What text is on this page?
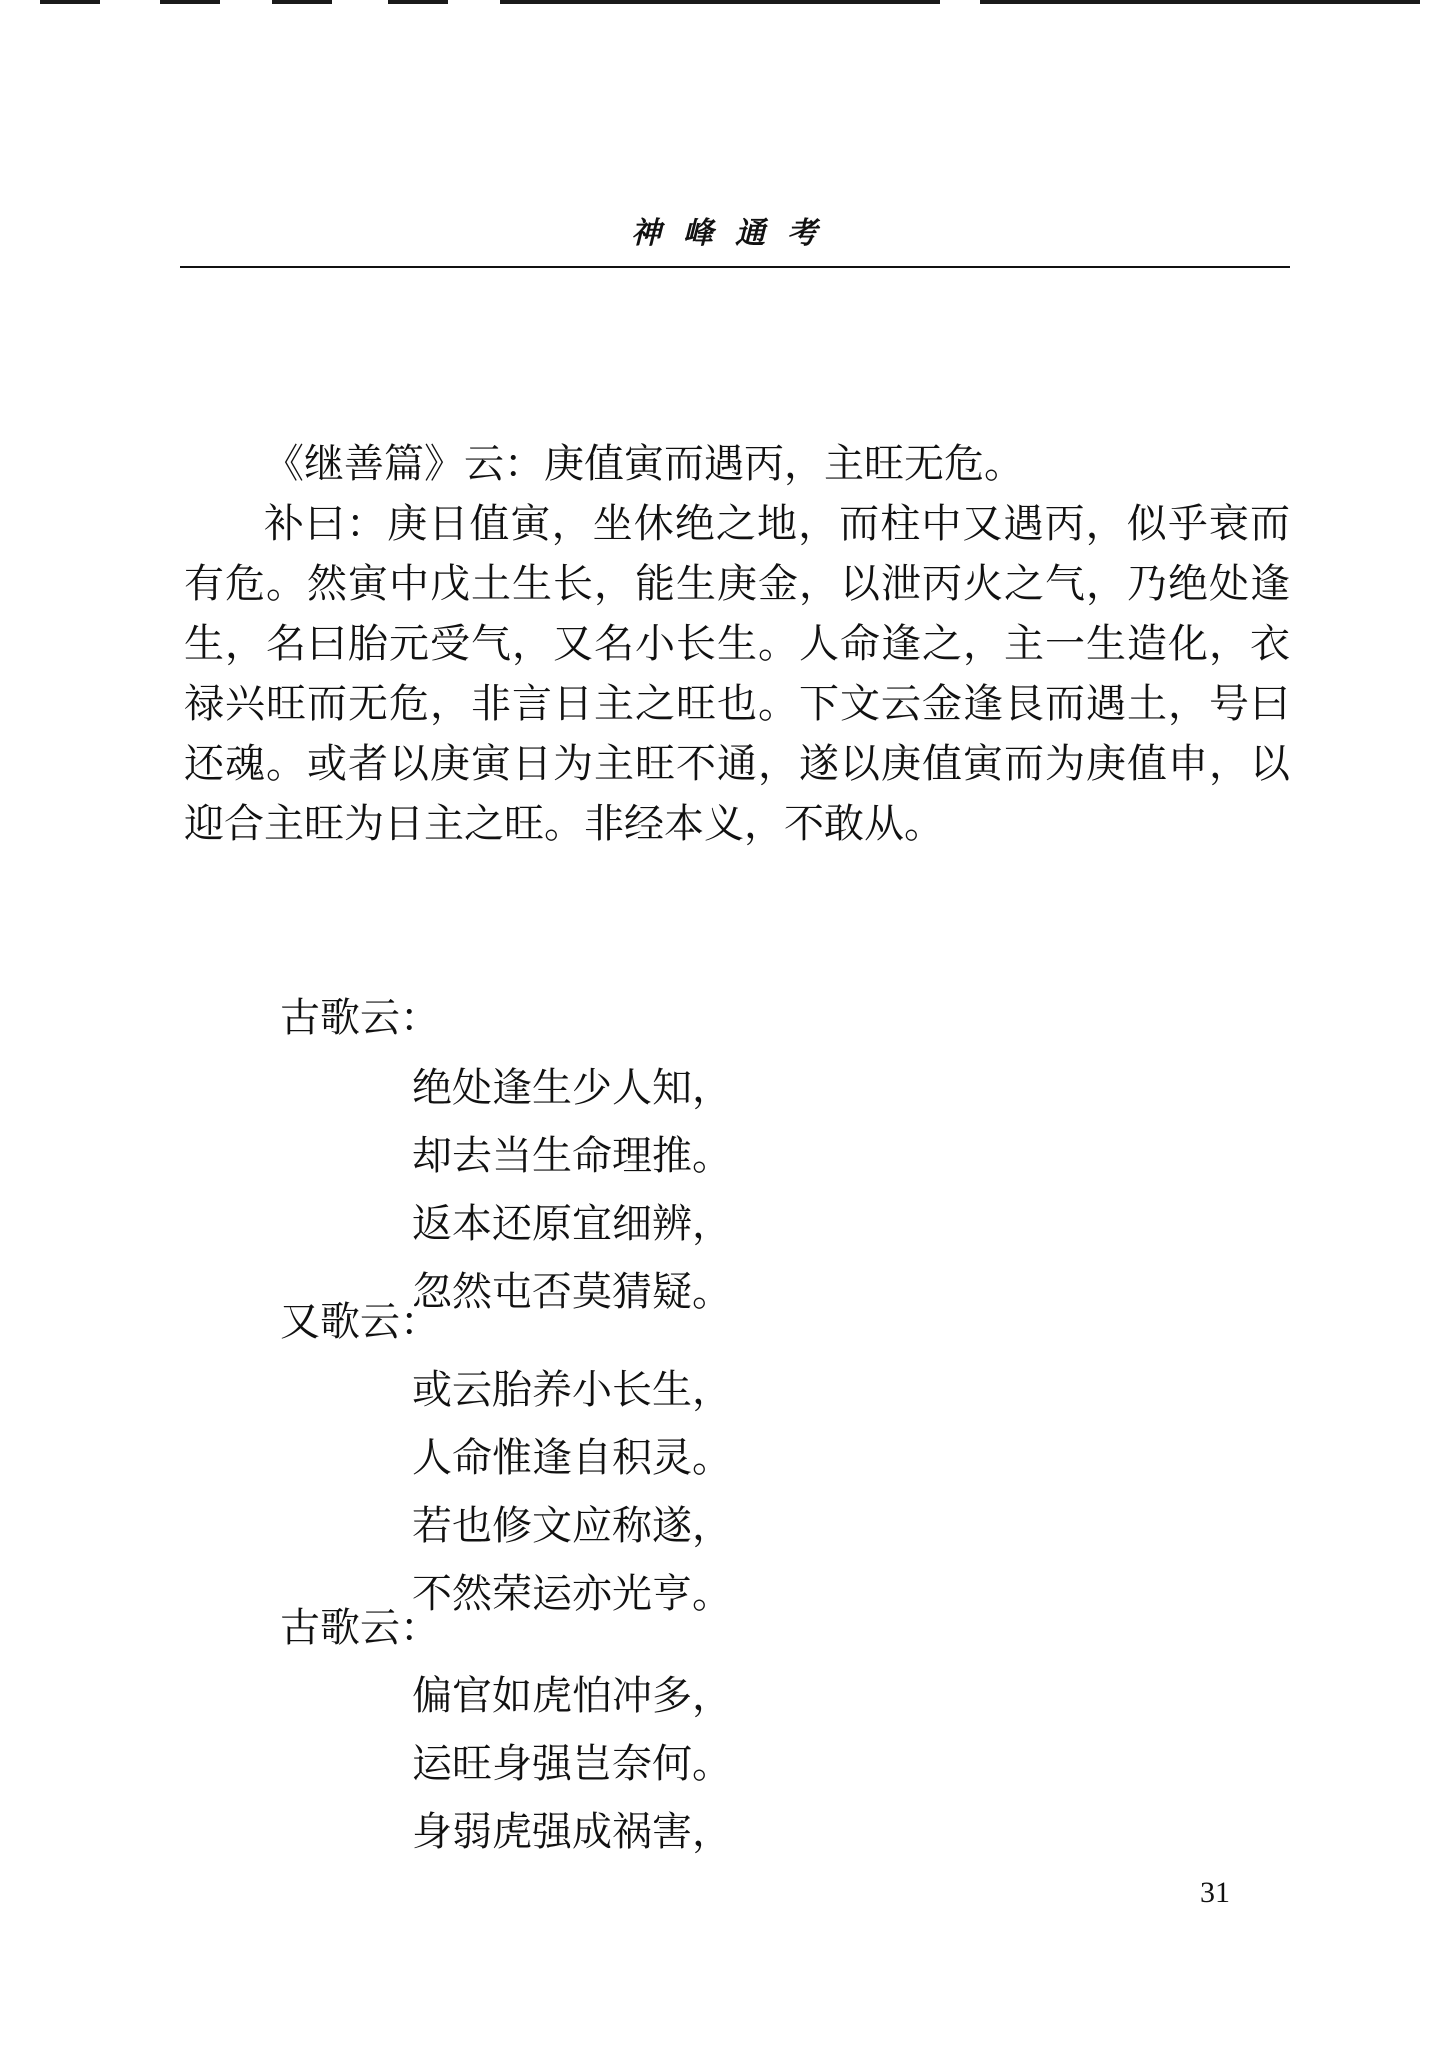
神峰通考

《继善篇》云：庚值寅而遇丙，主旺无危。

补曰：庚日值寅，坐休绝之地，而柱中又遇丙，似乎衰而有危。然寅中戊土生长，能生庚金，以泄丙火之气，乃绝处逢生，名曰胎元受气，又名小长生。人命逢之，主一生造化，衣禄兴旺而无危，非言日主之旺也。下文云金逢艮而遇土，号曰还魂。或者以庚寅日为主旺不通，遂以庚值寅而为庚值申，以迎合主旺为日主之旺。非经本义，不敢从。

古歌云：

绝处逢生少人知，
却去当生命理推。
返本还原宜细辨，
忽然屯否莫猜疑。

又歌云：

或云胎养小长生，
人命惟逢自积灵。
若也修文应称遂，
不然荣运亦光亨。

古歌云：

偏官如虎怕冲多，
运旺身强岂奈何。
身弱虎强成祸害，
31
